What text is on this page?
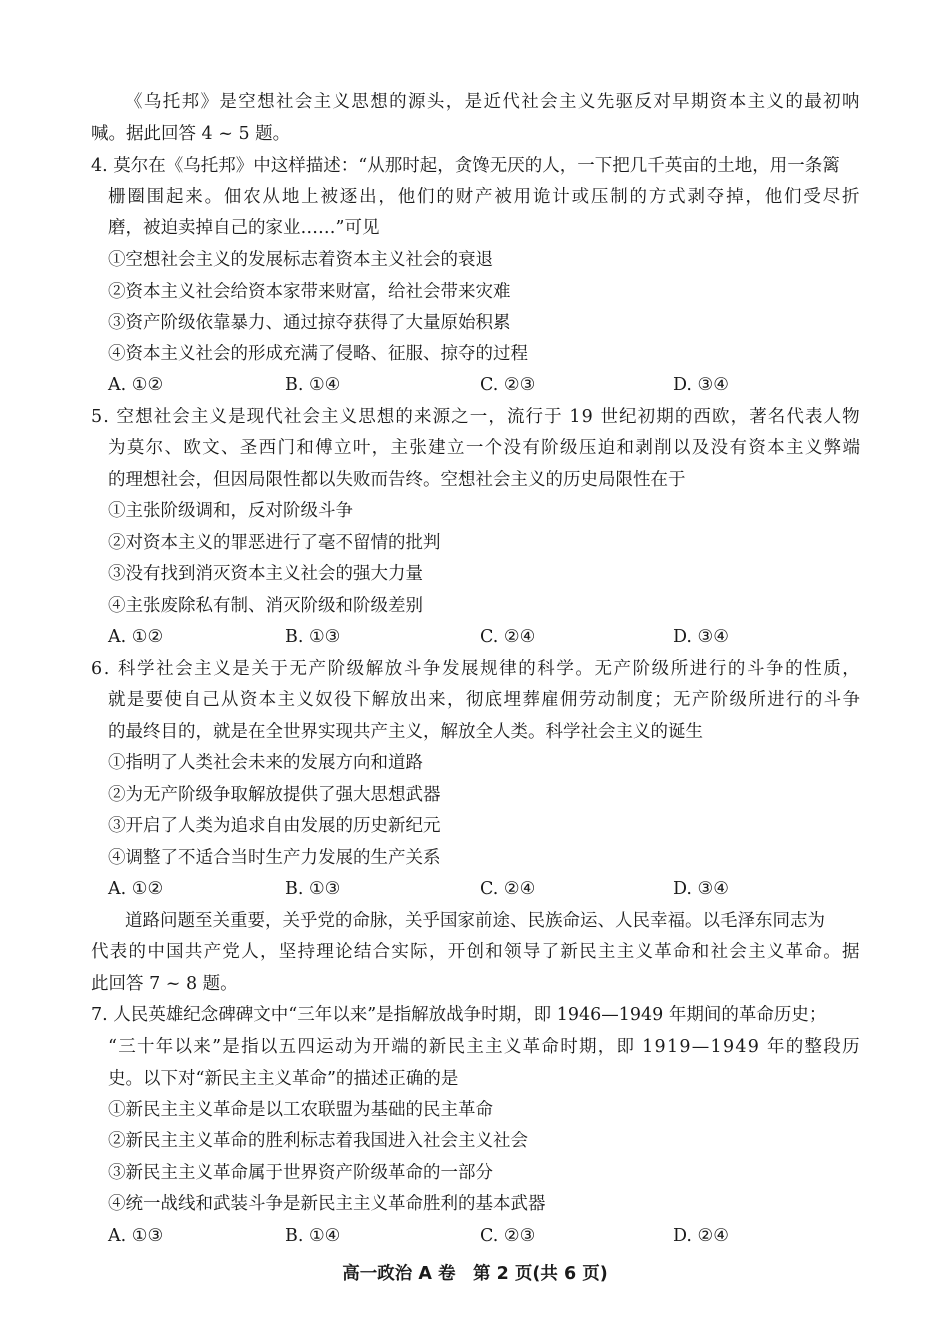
《乌托邦》是空想社会主义思想的源头，是近代社会主义先驱反对早期资本主义的最初呐
喊。据此回答 4 ~ 5 题。
4. 莫尔在《乌托邦》中这样描述：“从那时起，贪馋无厌的人，一下把几千英亩的土地，用一条篱
栅圈围起来。佃农从地上被逐出，他们的财产被用诡计或压制的方式剥夺掉，他们受尽折
磨，被迫卖掉自己的家业……”可见
①空想社会主义的发展标志着资本主义社会的衰退
②资本主义社会给资本家带来财富，给社会带来灾难
③资产阶级依靠暴力、通过掠夺获得了大量原始积累
④资本主义社会的形成充满了侵略、征服、掠夺的过程
A. ①②	B. ①④	C. ②③	D. ③④
5. 空想社会主义是现代社会主义思想的来源之一，流行于 19 世纪初期的西欧，著名代表人物
为莫尔、欧文、圣西门和傅立叶，主张建立一个没有阶级压迫和剥削以及没有资本主义弊端
的理想社会，但因局限性都以失败而告终。空想社会主义的历史局限性在于
①主张阶级调和，反对阶级斗争
②对资本主义的罪恶进行了毫不留情的批判
③没有找到消灭资本主义社会的强大力量
④主张废除私有制、消灭阶级和阶级差别
A. ①②	B. ①③	C. ②④	D. ③④
6. 科学社会主义是关于无产阶级解放斗争发展规律的科学。无产阶级所进行的斗争的性质，
就是要使自己从资本主义奴役下解放出来，彻底埋葬雇佣劳动制度；无产阶级所进行的斗争
的最终目的，就是在全世界实现共产主义，解放全人类。科学社会主义的诞生
①指明了人类社会未来的发展方向和道路
②为无产阶级争取解放提供了强大思想武器
③开启了人类为追求自由发展的历史新纪元
④调整了不适合当时生产力发展的生产关系
A. ①②	B. ①③	C. ②④	D. ③④
道路问题至关重要，关乎党的命脉，关乎国家前途、民族命运、人民幸福。以毛泽东同志为
代表的中国共产党人，坚持理论结合实际，开创和领导了新民主主义革命和社会主义革命。据
此回答 7 ~ 8 题。
7. 人民英雄纪念碑碑文中“三年以来”是指解放战争时期，即 1946—1949 年期间的革命历史；
“三十年以来”是指以五四运动为开端的新民主主义革命时期，即 1919—1949 年的整段历
史。以下对“新民主主义革命”的描述正确的是
①新民主主义革命是以工农联盟为基础的民主革命
②新民主主义革命的胜利标志着我国进入社会主义社会
③新民主主义革命属于世界资产阶级革命的一部分
④统一战线和武装斗争是新民主主义革命胜利的基本武器
A. ①③	B. ①④	C. ②③	D. ②④
高一政治 A 卷　第 2 页(共 6 页)
